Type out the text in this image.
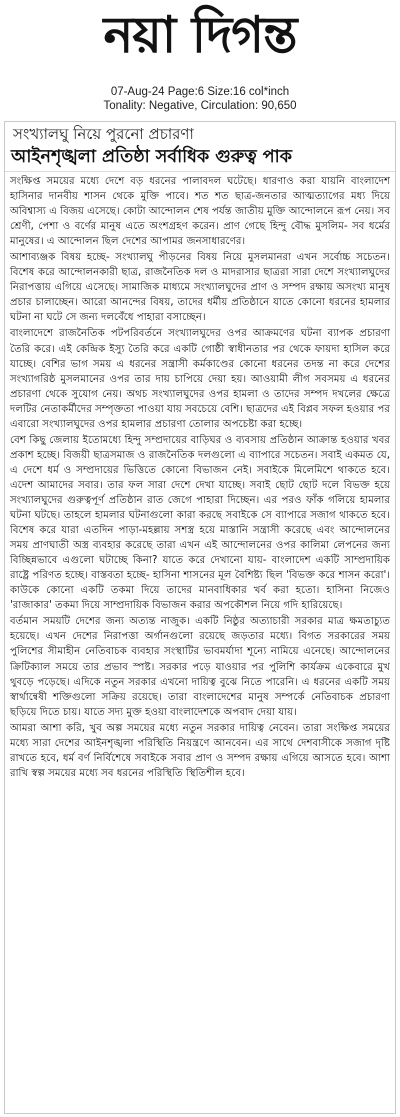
নয়া দিগন্ত
07-Aug-24 Page:6 Size:16 col*inch
Tonality: Negative, Circulation: 90,650
সংখ্যালঘু নিয়ে পুরনো প্রচারণা
আইনশৃঙ্খলা প্রতিষ্ঠা সর্বাধিক গুরুত্ব পাক

সংক্ষিপ্ত সময়ের মধ্যে দেশে বড় ধরনের পালাবদল ঘটেছে। ধারণাও করা যায়নি বাংলাদেশ হাসিনার দানবীয় শাসন থেকে মুক্তি পাবে। শত শত ছাত্র-জনতার আত্মত্যাগের মধ্য দিয়ে অবিশ্বাস্য এ বিজয় এসেছে। কোটা আন্দোলন শেষ পর্যন্ত জাতীয় মুক্তি আন্দোলনে রূপ নেয়। সব শ্রেণী, পেশা ও বর্ণের মানুষ এতে অংশগ্রহণ করেন। প্রাণ গেছে হিন্দু বৌদ্ধ মুসলিম- সব ধর্মের মানুষের। এ আন্দোলন ছিল দেশের আপামর জনসাধারণের।

আশাব্যঞ্জক বিষয় হচ্ছে- সংখ্যালঘু পীড়নের বিষয় নিয়ে মুসলমানরা এখন সর্বোচ্চ সচেতন। বিশেষ করে আন্দোলনকারী ছাত্র, রাজনৈতিক দল ও মাদরাসার ছাত্ররা সারা দেশে সংখ্যালঘুদের নিরাপত্তায় এগিয়ে এসেছে। সামাজিক মাধ্যমে সংখ্যালঘুদের প্রাণ ও সম্পদ রক্ষায় অসংখ্য মানুষ প্রচার চালাচ্ছেন। আরো আনন্দের বিষয়, তাদের ধর্মীয় প্রতিষ্ঠানে যাতে কোনো ধরনের হামলার ঘটনা না ঘটে সে জন্য দলবেঁধে পাহারা বসাচ্ছেন।

বাংলাদেশে রাজনৈতিক পটপরিবর্তনে সংখ্যালঘুদের ওপর আক্রমণের ঘটনা ব্যাপক প্রচারণা তৈরি করে। এই কেন্দ্রিক ইস্যু তৈরি করে একটি গোষ্ঠী স্বাধীনতার পর থেকে ফায়দা হাসিল করে যাচ্ছে। বেশির ভাগ সময় এ ধরনের সন্ত্রাসী কর্মকাণ্ডের কোনো ধরনের তদন্ত না করে দেশের সংখ্যাগরিষ্ঠ মুসলমানের ওপর তার দায় চাপিয়ে দেয়া হয়। আওয়ামী লীগ সবসময় এ ধরনের প্রচারণা থেকে সুযোগ নেয়। অথচ সংখ্যালঘুদের ওপর হামলা ও তাদের সম্পদ দখলের ক্ষেত্রে দলটির নেতাকর্মীদের সম্পৃক্ততা পাওয়া যায় সবচেয়ে বেশি। ছাত্রদের এই বিপ্লব সফল হওয়ার পর এবারো সংখ্যালঘুদের ওপর হামলার প্রচারণা তোলার অপচেষ্টা করা হচ্ছে।

বেশ কিছু জেলায় ইতোমধ্যে হিন্দু সম্প্রদায়ের বাড়িঘর ও ব্যবসায় প্রতিষ্ঠান আক্রান্ত হওয়ার খবর প্রকাশ হচ্ছে। বিজয়ী ছাত্রসমাজ ও রাজনৈতিক দলগুলো এ ব্যাপারে সচেতন। সবাই একমত যে, এ দেশে ধর্ম ও সম্প্রদায়ের ভিত্তিতে কোনো বিভাজন নেই। সবাইকে মিলেমিশে থাকতে হবে। এদেশ আমাদের সবার। তার ফল সারা দেশে দেখা যাচ্ছে। সবাই ছোট ছোট দলে বিভক্ত হয়ে সংখ্যালঘুদের গুরুত্বপূর্ণ প্রতিষ্ঠান রাত জেগে পাহারা দিচ্ছেন। এর পরও ফাঁক গলিয়ে হামলার ঘটনা ঘটছে। তাহলে হামলার ঘটনাগুলো কারা করছে সবাইকে সে ব্যাপারে সজাগ থাকতে হবে। বিশেষ করে যারা এতদিন পাড়া-মহল্লায় সশস্ত্র হয়ে মাস্তানি সন্ত্রাসী করেছে এবং আন্দোলনের সময় প্রাণঘাতী অস্ত্র ব্যবহার করেছে তারা এখন এই আন্দোলনের ওপর কালিমা লেপনের জন্য বিচ্ছিন্নভাবে এগুলো ঘটাচ্ছে কিনা? যাতে করে দেখানো যায়- বাংলাদেশ একটি সাম্প্রদায়িক রাষ্ট্রে পরিণত হচ্ছে। বাস্তবতা হচ্ছে- হাসিনা শাসনের মূল বৈশিষ্ট্য ছিল 'বিভক্ত করে শাসন করো'। কাউকে কোনো একটি তকমা দিয়ে তাদের মানবাধিকার খর্ব করা হতো। হাসিনা নিজেও 'রাজাকার' তকমা দিয়ে সাম্প্রদায়িক বিভাজন করার অপকৌশল নিয়ে গদি হারিয়েছে।

বর্তমান সময়টি দেশের জন্য অত্যন্ত নাজুক। একটি নিষ্ঠুর অত্যাচারী সরকার মাত্র ক্ষমতাচ্যুত হয়েছে। এখন দেশের নিরাপত্তা অর্গানগুলো রয়েছে জড়তার মধ্যে। বিগত সরকারের সময় পুলিশের সীমাহীন নেতিবাচক ব্যবহার সংস্থাটির ভাবমর্যাদা শূন্যে নামিয়ে এনেছে। আন্দোলনের ক্রিটিক্যাল সময়ে তার প্রভাব স্পষ্ট। সরকার পড়ে যাওয়ার পর পুলিশি কার্যক্রম একেবারে মুখ থুবড়ে পড়েছে। এদিকে নতুন সরকার এখনো দায়িত্ব বুঝে নিতে পারেনি। এ ধরনের একটি সময় স্বার্থান্বেষী শক্তিগুলো সক্রিয় রয়েছে। তারা বাংলাদেশের মানুষ সম্পর্কে নেতিবাচক প্রচারণা ছড়িয়ে দিতে চায়। যাতে সদ্য মুক্ত হওয়া বাংলাদেশকে অপবাদ দেয়া যায়।

আমরা আশা করি, খুব অল্প সময়ের মধ্যে নতুন সরকার দায়িত্ব নেবেন। তারা সংক্ষিপ্ত সময়ের মধ্যে সারা দেশের আইনশৃঙ্খলা পরিস্থিতি নিয়ন্ত্রণে আনবেন। এর সাথে দেশবাসীকে সজাগ দৃষ্টি রাখতে হবে, ধর্ম বর্ণ নির্বিশেষে সবাইকে সবার প্রাণ ও সম্পদ রক্ষায় এগিয়ে আসতে হবে। আশা রাখি স্বল্প সময়ের মধ্যে সব ধরনের পরিস্থিতি স্থিতিশীল হবে।
